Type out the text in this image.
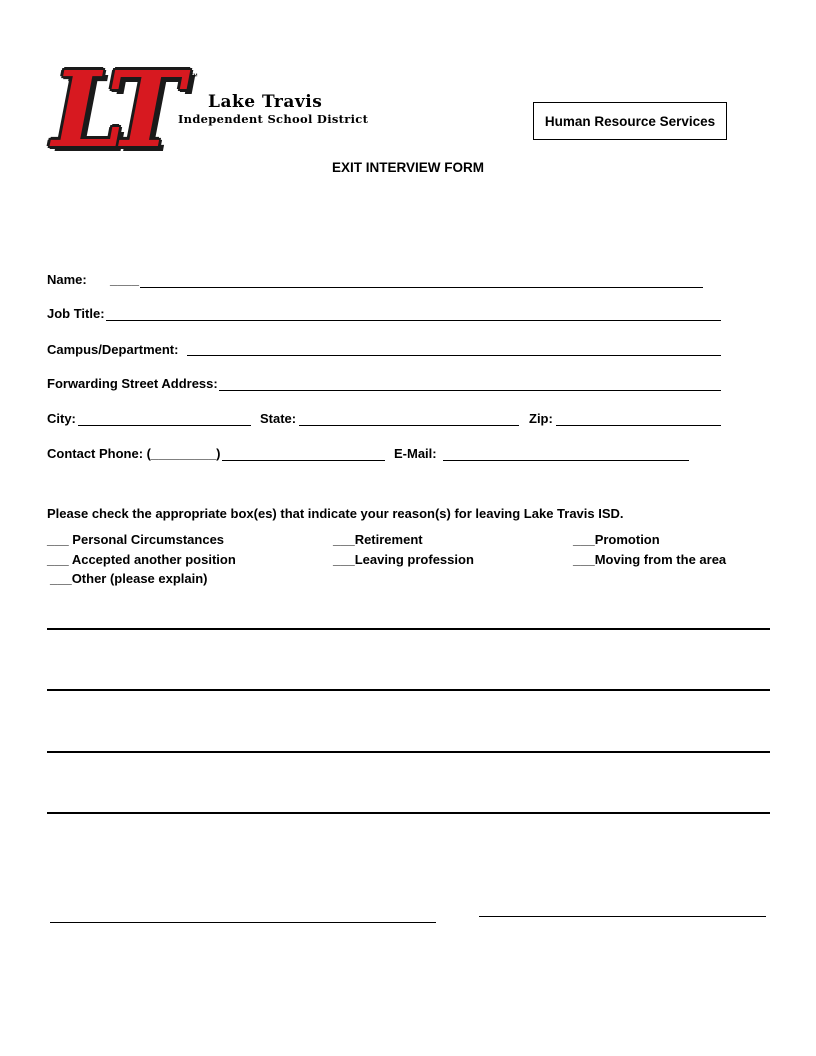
LT ™
Lake Travis
Independent School District	Human Resource Services
EXIT INTERVIEW FORM
Name: ____
Job Title:
Campus/Department:
Forwarding Street Address:
City:	State:	Zip:
Contact Phone: (_________)	E-Mail:
Please check the appropriate box(es) that indicate your reason(s) for leaving Lake Travis ISD.
___ Personal Circumstances	___Retirement	___Promotion
___ Accepted another position	___Leaving profession	___Moving from the area
___Other (please explain)
